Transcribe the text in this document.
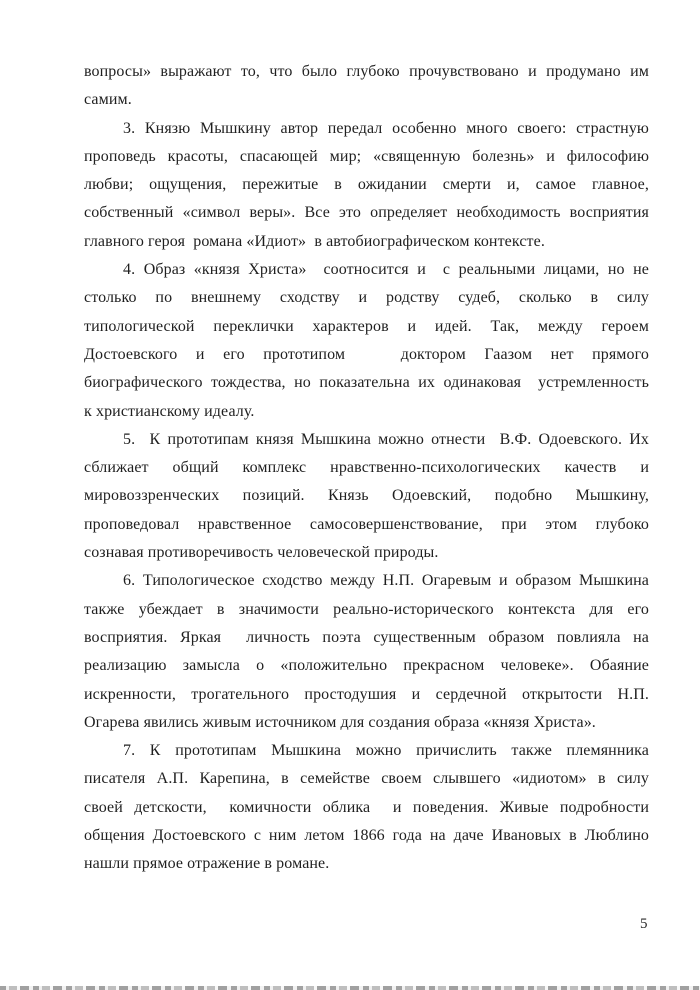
вопросы» выражают то, что было глубоко прочувствовано и продумано им
самим.
3. Князю Мышкину автор передал особенно много своего: страстную
проповедь красоты, спасающей мир; «священную болезнь» и философию
любви; ощущения, пережитые в ожидании смерти и, самое главное,
собственный «символ веры». Все это определяет необходимость восприятия
главного героя  романа «Идиот»  в автобиографическом контексте.
4. Образ «князя Христа»  соотносится и  с реальными лицами, но не
столько по внешнему сходству и родству судеб, сколько в силу
типологической переклички характеров и идей. Так, между героем
Достоевского и его прототипом   доктором Гаазом нет прямого
биографического тождества, но показательна их одинаковая  устремленность
к христианскому идеалу.
5.  К прототипам князя Мышкина можно отнести  В.Ф. Одоевского. Их
сближает общий комплекс нравственно-психологических качеств и
мировоззренческих позиций. Князь Одоевский, подобно Мышкину,
проповедовал нравственное самосовершенствование, при этом глубоко
сознавая противоречивость человеческой природы.
6. Типологическое сходство между Н.П. Огаревым и образом Мышкина
также убеждает в значимости реально-исторического контекста для его
восприятия. Яркая  личность поэта существенным образом повлияла на
реализацию замысла о «положительно прекрасном человеке». Обаяние
искренности, трогательного простодушия и сердечной открытости Н.П.
Огарева явились живым источником для создания образа «князя Христа».
7. К прототипам Мышкина можно причислить также племянника
писателя А.П. Карепина, в семействе своем слывшего «идиотом» в силу
своей детскости,  комичности облика  и поведения. Живые подробности
общения Достоевского с ним летом 1866 года на даче Ивановых в Люблино
нашли прямое отражение в романе.
5
